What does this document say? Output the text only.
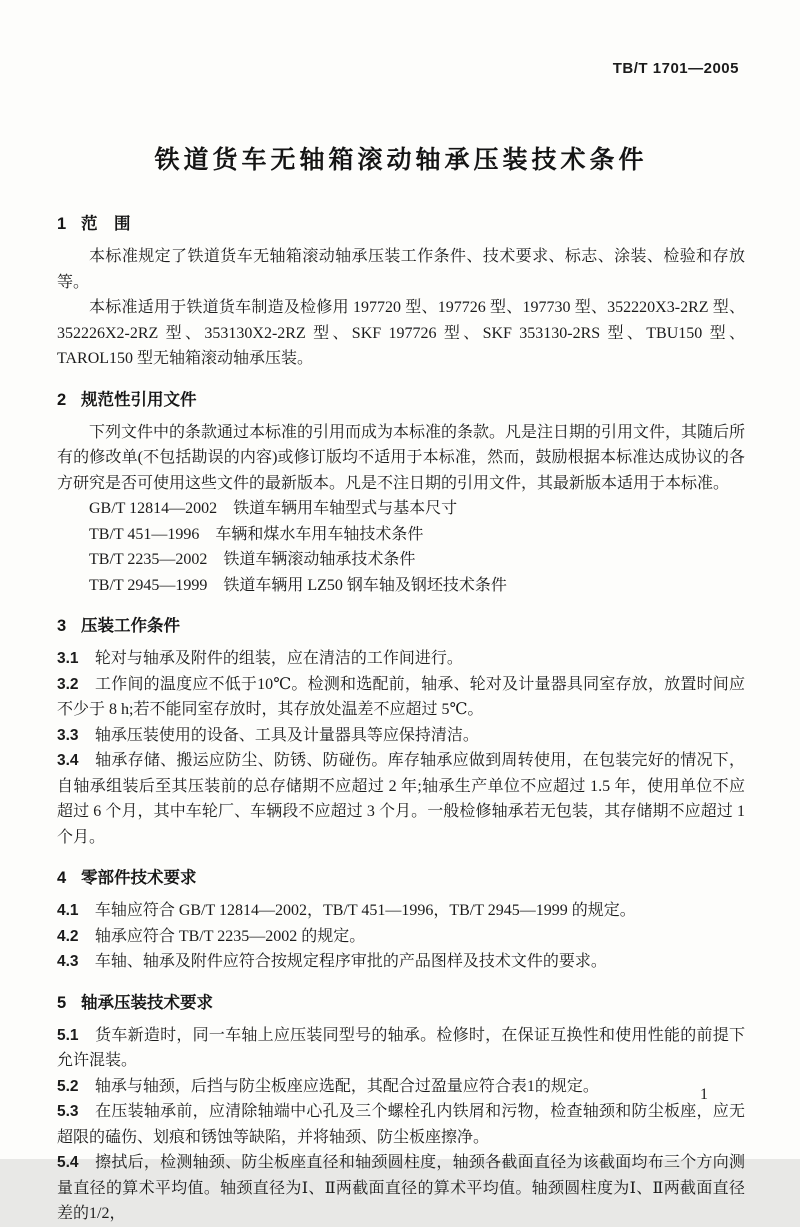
TB/T 1701—2005
铁道货车无轴箱滚动轴承压装技术条件
1 范　围

本标准规定了铁道货车无轴箱滚动轴承压装工作条件、技术要求、标志、涂装、检验和存放等。

本标准适用于铁道货车制造及检修用 197720 型、197726 型、197730 型、352220X3-2RZ 型、352226X2-2RZ 型、353130X2-2RZ 型、SKF 197726 型、SKF 353130-2RS 型、TBU150 型、TAROL150 型无轴箱滚动轴承压装。

2 规范性引用文件

下列文件中的条款通过本标准的引用而成为本标准的条款。凡是注日期的引用文件，其随后所有的修改单(不包括勘误的内容)或修订版均不适用于本标准，然而，鼓励根据本标准达成协议的各方研究是否可使用这些文件的最新版本。凡是不注日期的引用文件，其最新版本适用于本标准。

GB/T 12814—2002 铁道车辆用车轴型式与基本尺寸

TB/T 451—1996 车辆和煤水车用车轴技术条件

TB/T 2235—2002 铁道车辆滚动轴承技术条件

TB/T 2945—1999 铁道车辆用 LZ50 钢车轴及钢坯技术条件

3 压装工作条件

3.1 轮对与轴承及附件的组装，应在清洁的工作间进行。

3.2 工作间的温度应不低于10℃。检测和选配前，轴承、轮对及计量器具同室存放，放置时间应不少于 8 h;若不能同室存放时，其存放处温差不应超过 5℃。

3.3 轴承压装使用的设备、工具及计量器具等应保持清洁。

3.4 轴承存储、搬运应防尘、防锈、防碰伤。库存轴承应做到周转使用，在包装完好的情况下，自轴承组装后至其压装前的总存储期不应超过 2 年;轴承生产单位不应超过 1.5 年，使用单位不应超过 6 个月，其中车轮厂、车辆段不应超过 3 个月。一般检修轴承若无包装，其存储期不应超过 1 个月。

4 零部件技术要求

4.1 车轴应符合 GB/T 12814—2002，TB/T 451—1996，TB/T 2945—1999 的规定。

4.2 轴承应符合 TB/T 2235—2002 的规定。

4.3 车轴、轴承及附件应符合按规定程序审批的产品图样及技术文件的要求。

5 轴承压装技术要求

5.1 货车新造时，同一车轴上应压装同型号的轴承。检修时，在保证互换性和使用性能的前提下允许混装。

5.2 轴承与轴颈，后挡与防尘板座应选配，其配合过盈量应符合表1的规定。

5.3 在压装轴承前，应清除轴端中心孔及三个螺栓孔内铁屑和污物，检查轴颈和防尘板座，应无超限的磕伤、划痕和锈蚀等缺陷，并将轴颈、防尘板座擦净。

5.4 擦拭后，检测轴颈、防尘板座直径和轴颈圆柱度，轴颈各截面直径为该截面均布三个方向测量直径的算术平均值。轴颈直径为Ⅰ、Ⅱ两截面直径的算术平均值。轴颈圆柱度为Ⅰ、Ⅱ两截面直径差的1/2，

1
